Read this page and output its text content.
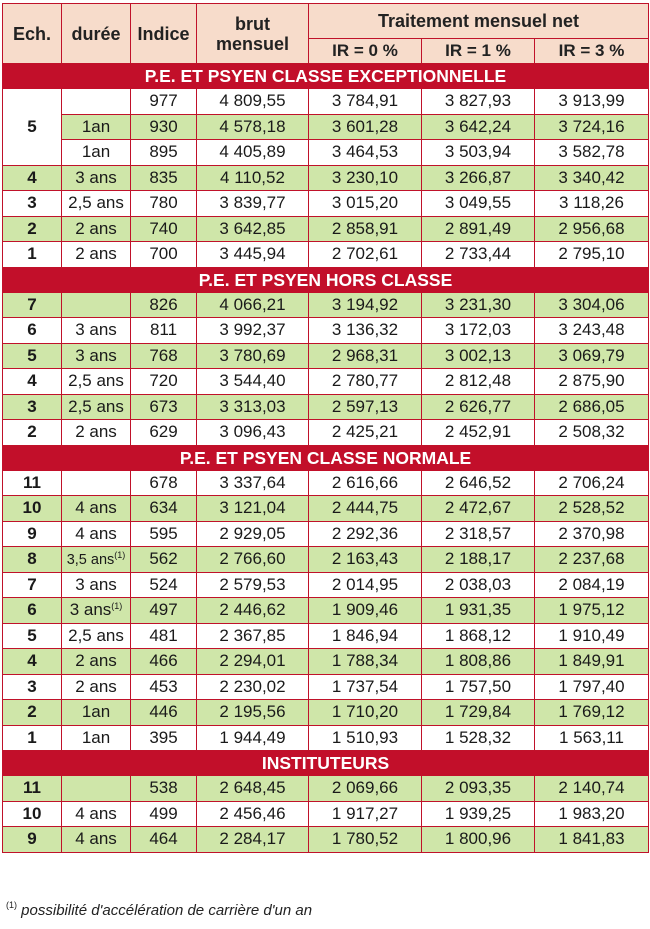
Ech.	durée	Indice	brut mensuel	Traitement mensuel net		
				IR = 0 %	IR = 1 %	IR = 3 %
P.E. ET PSYEN CLASSE EXCEPTIONNELLE						
5		977	4 809,55	3 784,91	3 827,93	3 913,99
	1an	930	4 578,18	3 601,28	3 642,24	3 724,16
	1an	895	4 405,89	3 464,53	3 503,94	3 582,78
4	3 ans	835	4 110,52	3 230,10	3 266,87	3 340,42
3	2,5 ans	780	3 839,77	3 015,20	3 049,55	3 118,26
2	2 ans	740	3 642,85	2 858,91	2 891,49	2 956,68
1	2 ans	700	3 445,94	2 702,61	2 733,44	2 795,10
P.E. ET PSYEN HORS CLASSE						
7		826	4 066,21	3 194,92	3 231,30	3 304,06
6	3 ans	811	3 992,37	3 136,32	3 172,03	3 243,48
5	3 ans	768	3 780,69	2 968,31	3 002,13	3 069,79
4	2,5 ans	720	3 544,40	2 780,77	2 812,48	2 875,90
3	2,5 ans	673	3 313,03	2 597,13	2 626,77	2 686,05
2	2 ans	629	3 096,43	2 425,21	2 452,91	2 508,32
P.E. ET PSYEN CLASSE NORMALE						
11		678	3 337,64	2 616,66	2 646,52	2 706,24
10	4 ans	634	3 121,04	2 444,75	2 472,67	2 528,52
9	4 ans	595	2 929,05	2 292,36	2 318,57	2 370,98
8	3,5 ans$^{(1)}$	562	2 766,60	2 163,43	2 188,17	2 237,68
7	3 ans	524	2 579,53	2 014,95	2 038,03	2 084,19
6	3 ans$^{(1)}$	497	2 446,62	1 909,46	1 931,35	1 975,12
5	2,5 ans	481	2 367,85	1 846,94	1 868,12	1 910,49
4	2 ans	466	2 294,01	1 788,34	1 808,86	1 849,91
3	2 ans	453	2 230,02	1 737,54	1 757,50	1 797,40
2	1an	446	2 195,56	1 710,20	1 729,84	1 769,12
1	1an	395	1 944,49	1 510,93	1 528,32	1 563,11
INSTITUTEURS						
11		538	2 648,45	2 069,66	2 093,35	2 140,74
10	4 ans	499	2 456,46	1 917,27	1 939,25	1 983,20
9	4 ans	464	2 284,17	1 780,52	1 800,96	1 841,83
$^{(1)}$ possibilité d'accélération de carrière d'un an
